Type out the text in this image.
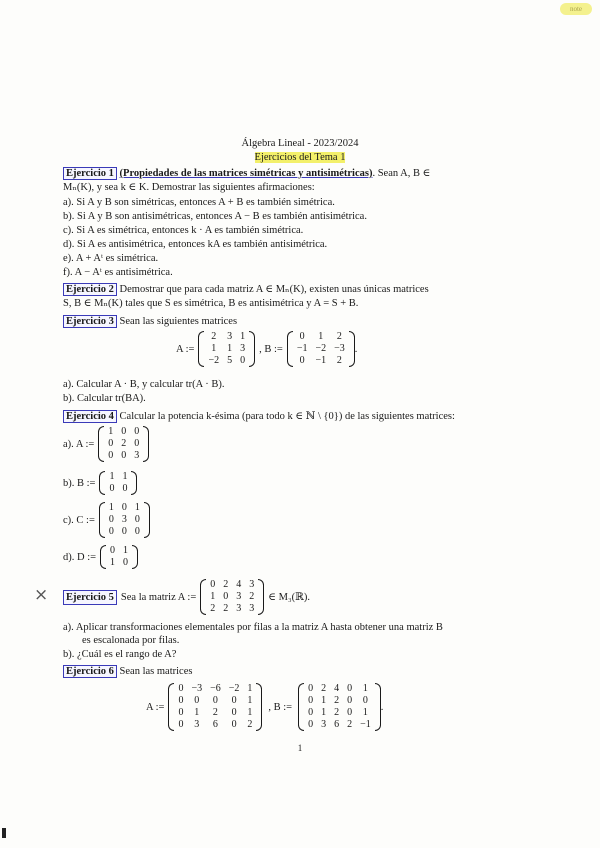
note
Álgebra Lineal - 2023/2024
Ejercicios del Tema 1
Ejercicio 1 (Propiedades de las matrices simétricas y antisimétricas). Sean A, B ∈
Mₙ(K), y sea k ∈ K. Demostrar las siguientes afirmaciones:
a). Si A y B son simétricas, entonces A + B es también simétrica.
b). Si A y B son antisimétricas, entonces A − B es también antisimétrica.
c). Si A es simétrica, entonces k · A es también simétrica.
d). Si A es antisimétrica, entonces kA es también antisimétrica.
e). A + Aᵗ es simétrica.
f). A − Aᵗ es antisimétrica.
Ejercicio 2 Demostrar que para cada matriz A ∈ Mₙ(K), existen unas únicas matrices
S, B ∈ Mₙ(K) tales que S es simétrica, B es antisimétrica y A = S + B.
Ejercicio 3 Sean las siguientes matrices
A :=
2	3	1
1	1	3
−2	5	0
, B :=
0	1	2
−1	−2	−3
0	−1	2
.
a). Calcular A · B, y calcular tr(A · B).
b). Calcular tr(BA).
Ejercicio 4 Calcular la potencia k-ésima (para todo k ∈ ℕ \ {0}) de las siguientes matrices:
a). A :=
1	0	0
0	2	0
0	0	3
b). B :=
1	1
0	0
c). C :=
1	0	1
0	3	0
0	0	0
d). D :=
0	1
1	0
× Ejercicio 5 Sea la matriz A :=
0	2	4	3
1	0	3	2
2	2	3	3
∈ M₃(ℝ).
a). Aplicar transformaciones elementales por filas a la matriz A hasta obtener una matriz B
es escalonada por filas.
b). ¿Cuál es el rango de A?
Ejercicio 6 Sean las matrices
A :=
0	−3	−6	−2	1
0	0	0	0	1
0	1	2	0	1
0	3	6	0	2
, B :=
0	2	4	0	1
0	1	2	0	0
0	1	2	0	1
0	3	6	2	−1
.
1
